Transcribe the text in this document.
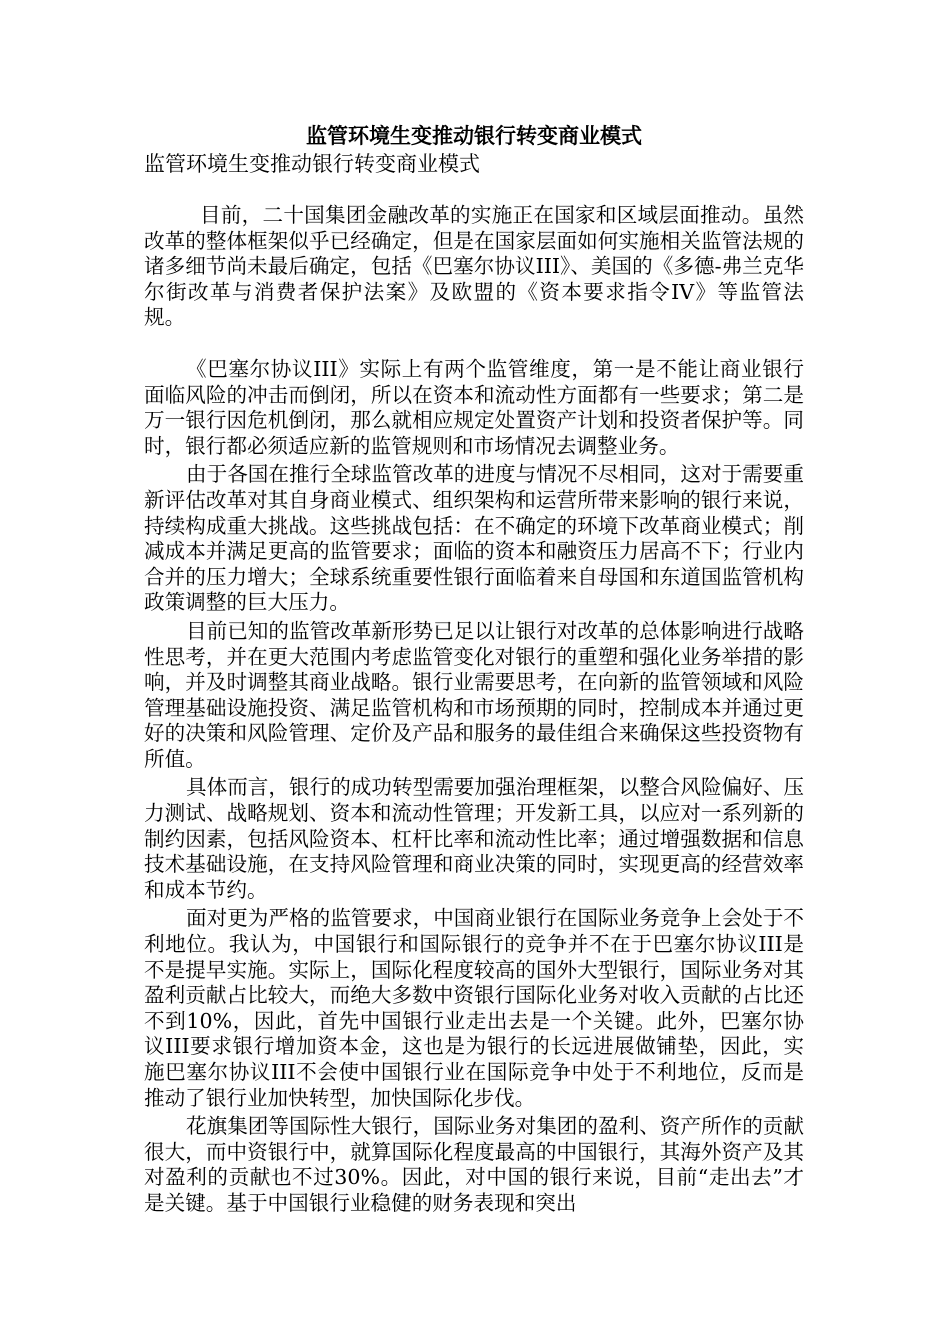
监管环境生变推动银行转变商业模式

监管环境生变推动银行转变商业模式

目前，二十国集团金融改革的实施正在国家和区域层面推动。虽然改革的整体框架似乎已经确定，但是在国家层面如何实施相关监管法规的诸多细节尚未最后确定，包括《巴塞尔协议III》、美国的《多德-弗兰克华尔街改革与消费者保护法案》及欧盟的《资本要求指令IV》等监管法规。

《巴塞尔协议III》实际上有两个监管维度，第一是不能让商业银行面临风险的冲击而倒闭，所以在资本和流动性方面都有一些要求；第二是万一银行因危机倒闭，那么就相应规定处置资产计划和投资者保护等。同时，银行都必须适应新的监管规则和市场情况去调整业务。

由于各国在推行全球监管改革的进度与情况不尽相同，这对于需要重新评估改革对其自身商业模式、组织架构和运营所带来影响的银行来说，持续构成重大挑战。这些挑战包括：在不确定的环境下改革商业模式；削减成本并满足更高的监管要求；面临的资本和融资压力居高不下；行业内合并的压力增大；全球系统重要性银行面临着来自母国和东道国监管机构政策调整的巨大压力。

目前已知的监管改革新形势已足以让银行对改革的总体影响进行战略性思考，并在更大范围内考虑监管变化对银行的重塑和强化业务举措的影响，并及时调整其商业战略。银行业需要思考，在向新的监管领域和风险管理基础设施投资、满足监管机构和市场预期的同时，控制成本并通过更好的决策和风险管理、定价及产品和服务的最佳组合来确保这些投资物有所值。

具体而言，银行的成功转型需要加强治理框架，以整合风险偏好、压力测试、战略规划、资本和流动性管理；开发新工具，以应对一系列新的制约因素，包括风险资本、杠杆比率和流动性比率；通过增强数据和信息技术基础设施，在支持风险管理和商业决策的同时，实现更高的经营效率和成本节约。

面对更为严格的监管要求，中国商业银行在国际业务竞争上会处于不利地位。我认为，中国银行和国际银行的竞争并不在于巴塞尔协议III是不是提早实施。实际上，国际化程度较高的国外大型银行，国际业务对其盈利贡献占比较大，而绝大多数中资银行国际化业务对收入贡献的占比还不到10%，因此，首先中国银行业走出去是一个关键。此外，巴塞尔协议III要求银行增加资本金，这也是为银行的长远进展做铺垫，因此，实施巴塞尔协议III不会使中国银行业在国际竞争中处于不利地位，反而是推动了银行业加快转型，加快国际化步伐。

花旗集团等国际性大银行，国际业务对集团的盈利、资产所作的贡献很大，而中资银行中，就算国际化程度最高的中国银行，其海外资产及其对盈利的贡献也不过30%。因此，对中国的银行来说，目前“走出去”才是关键。基于中国银行业稳健的财务表现和突出
